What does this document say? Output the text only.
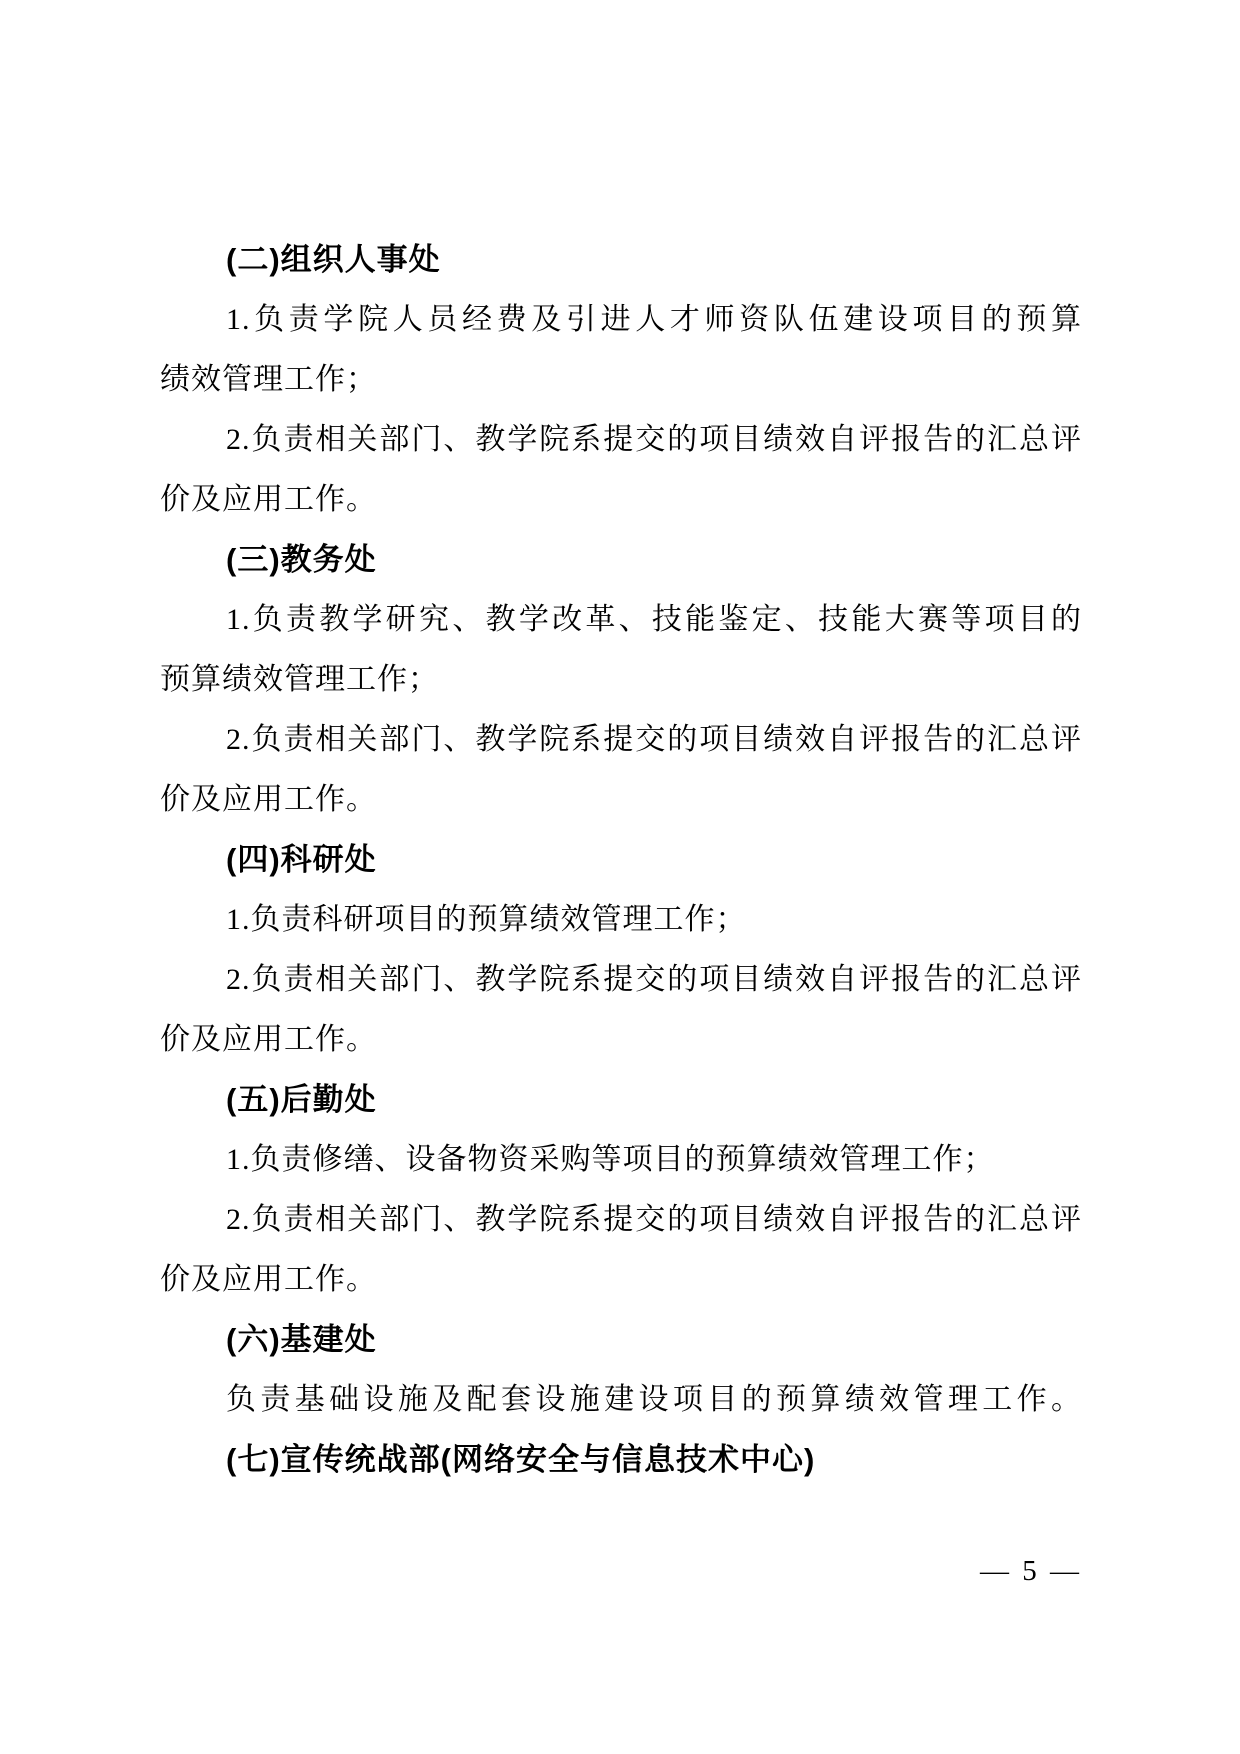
(二)组织人事处
1.负责学院人员经费及引进人才师资队伍建设项目的预算
绩效管理工作；
2.负责相关部门、教学院系提交的项目绩效自评报告的汇总评
价及应用工作。
(三)教务处
1.负责教学研究、教学改革、技能鉴定、技能大赛等项目的
预算绩效管理工作；
2.负责相关部门、教学院系提交的项目绩效自评报告的汇总评
价及应用工作。
(四)科研处
1.负责科研项目的预算绩效管理工作；
2.负责相关部门、教学院系提交的项目绩效自评报告的汇总评
价及应用工作。
(五)后勤处
1.负责修缮、设备物资采购等项目的预算绩效管理工作；
2.负责相关部门、教学院系提交的项目绩效自评报告的汇总评
价及应用工作。
(六)基建处
负责基础设施及配套设施建设项目的预算绩效管理工作。
(七)宣传统战部(网络安全与信息技术中心)
— 5 —
